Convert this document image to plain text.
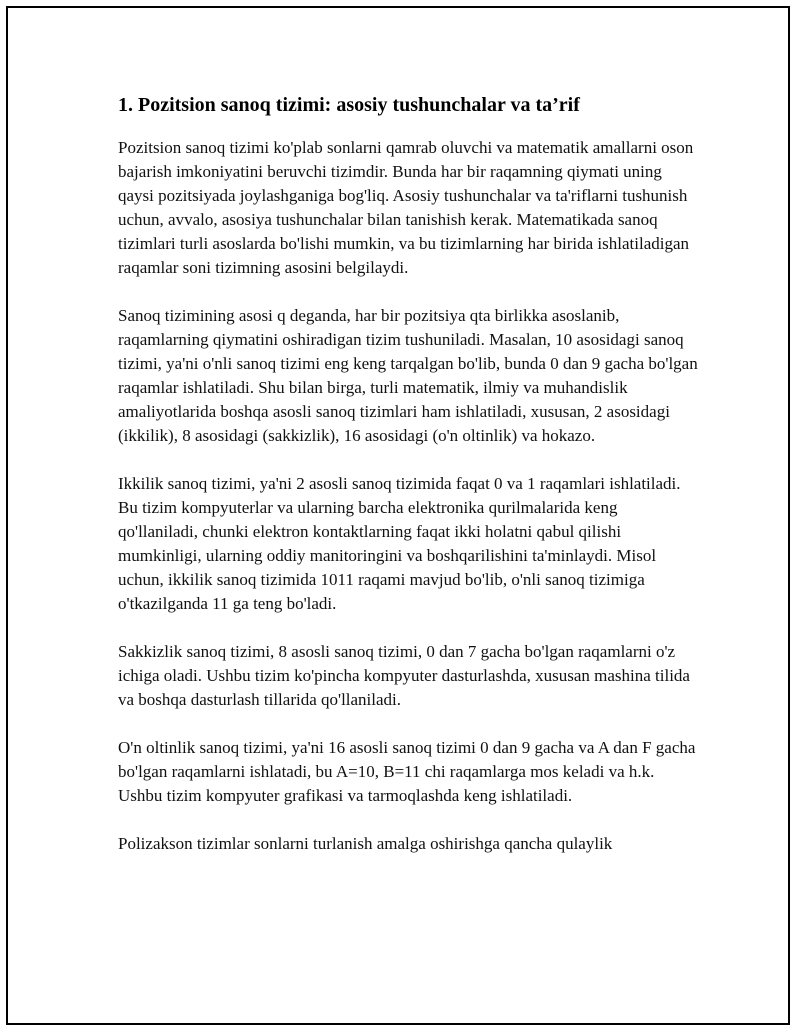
1. Pozitsion sanoq tizimi: asosiy tushunchalar va ta’rif

Pozitsion sanoq tizimi ko'plab sonlarni qamrab oluvchi va matematik amallarni oson bajarish imkoniyatini beruvchi tizimdir. Bunda har bir raqamning qiymati uning qaysi pozitsiyada joylashganiga bog'liq. Asosiy tushunchalar va ta'riflarni tushunish uchun, avvalo, asosiya tushunchalar bilan tanishish kerak. Matematikada sanoq tizimlari turli asoslarda bo'lishi mumkin, va bu tizimlarning har birida ishlatiladigan raqamlar soni tizimning asosini belgilaydi.

Sanoq tizimining asosi q deganda, har bir pozitsiya qta birlikka asoslanib, raqamlarning qiymatini oshiradigan tizim tushuniladi. Masalan, 10 asosidagi sanoq tizimi, ya'ni o'nli sanoq tizimi eng keng tarqalgan bo'lib, bunda 0 dan 9 gacha bo'lgan raqamlar ishlatiladi. Shu bilan birga, turli matematik, ilmiy va muhandislik amaliyotlarida boshqa asosli sanoq tizimlari ham ishlatiladi, xususan, 2 asosidagi (ikkilik), 8 asosidagi (sakkizlik), 16 asosidagi (o'n oltinlik) va hokazo.

Ikkilik sanoq tizimi, ya'ni 2 asosli sanoq tizimida faqat 0 va 1 raqamlari ishlatiladi. Bu tizim kompyuterlar va ularning barcha elektronika qurilmalarida keng qo'llaniladi, chunki elektron kontaktlarning faqat ikki holatni qabul qilishi mumkinligi, ularning oddiy manitoringini va boshqarilishini ta'minlaydi. Misol uchun, ikkilik sanoq tizimida 1011 raqami mavjud bo'lib, o'nli sanoq tizimiga o'tkazilganda 11 ga teng bo'ladi.

Sakkizlik sanoq tizimi, 8 asosli sanoq tizimi, 0 dan 7 gacha bo'lgan raqamlarni o'z ichiga oladi. Ushbu tizim ko'pincha kompyuter dasturlashda, xususan mashina tilida va boshqa dasturlash tillarida qo'llaniladi.

O'n oltinlik sanoq tizimi, ya'ni 16 asosli sanoq tizimi 0 dan 9 gacha va A dan F gacha bo'lgan raqamlarni ishlatadi, bu A=10, B=11 chi raqamlarga mos keladi va h.k. Ushbu tizim kompyuter grafikasi va tarmoqlashda keng ishlatiladi.

Polizakson tizimlar sonlarni turlanish amalga oshirishga qancha qulaylik
